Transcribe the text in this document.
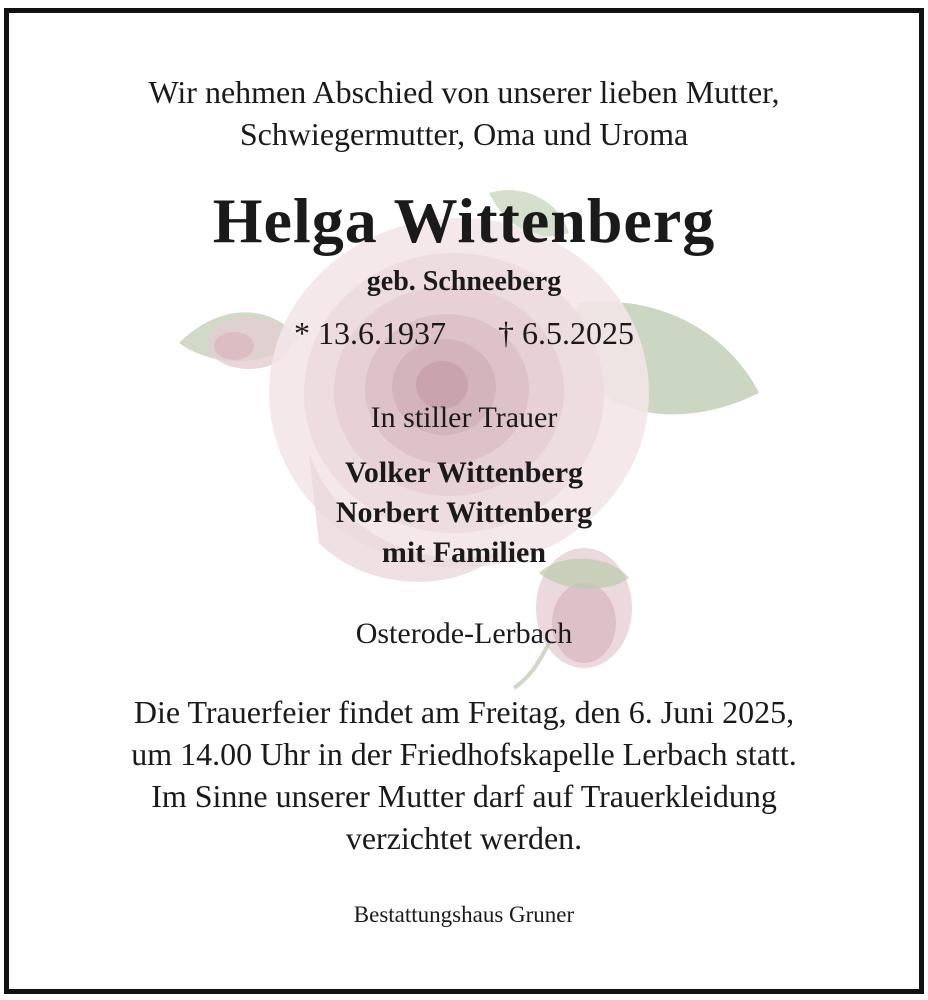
Wir nehmen Abschied von unserer lieben Mutter,
Schwiegermutter, Oma und Uroma
Helga Wittenberg
geb. Schneeberg
* 13.6.1937 † 6.5.2025
In stiller Trauer
Volker Wittenberg
Norbert Wittenberg
mit Familien
Osterode-Lerbach
Die Trauerfeier findet am Freitag, den 6. Juni 2025,
um 14.00 Uhr in der Friedhofskapelle Lerbach statt.
Im Sinne unserer Mutter darf auf Trauerkleidung
verzichtet werden.
Bestattungshaus Gruner
